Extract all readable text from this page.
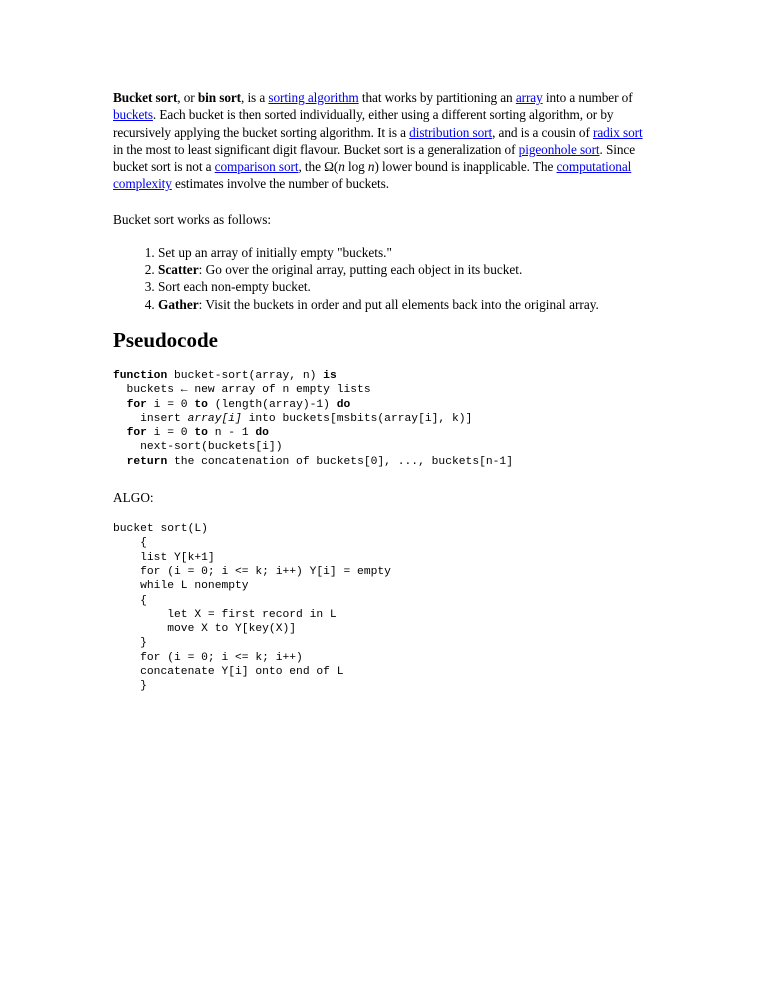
Bucket sort, or bin sort, is a sorting algorithm that works by partitioning an array into a number of buckets. Each bucket is then sorted individually, either using a different sorting algorithm, or by recursively applying the bucket sorting algorithm. It is a distribution sort, and is a cousin of radix sort in the most to least significant digit flavour. Bucket sort is a generalization of pigeonhole sort. Since bucket sort is not a comparison sort, the Ω(n log n) lower bound is inapplicable. The computational complexity estimates involve the number of buckets.

Bucket sort works as follows:

1. Set up an array of initially empty "buckets."
2. Scatter: Go over the original array, putting each object in its bucket.
3. Sort each non-empty bucket.
4. Gather: Visit the buckets in order and put all elements back into the original array.
Pseudocode
function bucket-sort(array, n) is
buckets ← new array of n empty lists
for i = 0 to (length(array)-1) do
insert array[i] into buckets[msbits(array[i], k)]
for i = 0 to n - 1 do
next-sort(buckets[i])
return the concatenation of buckets[0], ..., buckets[n-1]

ALGO:

bucket sort(L)
{
list Y[k+1]
for (i = 0; i <= k; i++) Y[i] = empty
while L nonempty
{
let X = first record in L
move X to Y[key(X)]
}
for (i = 0; i <= k; i++)
concatenate Y[i] onto end of L
}
